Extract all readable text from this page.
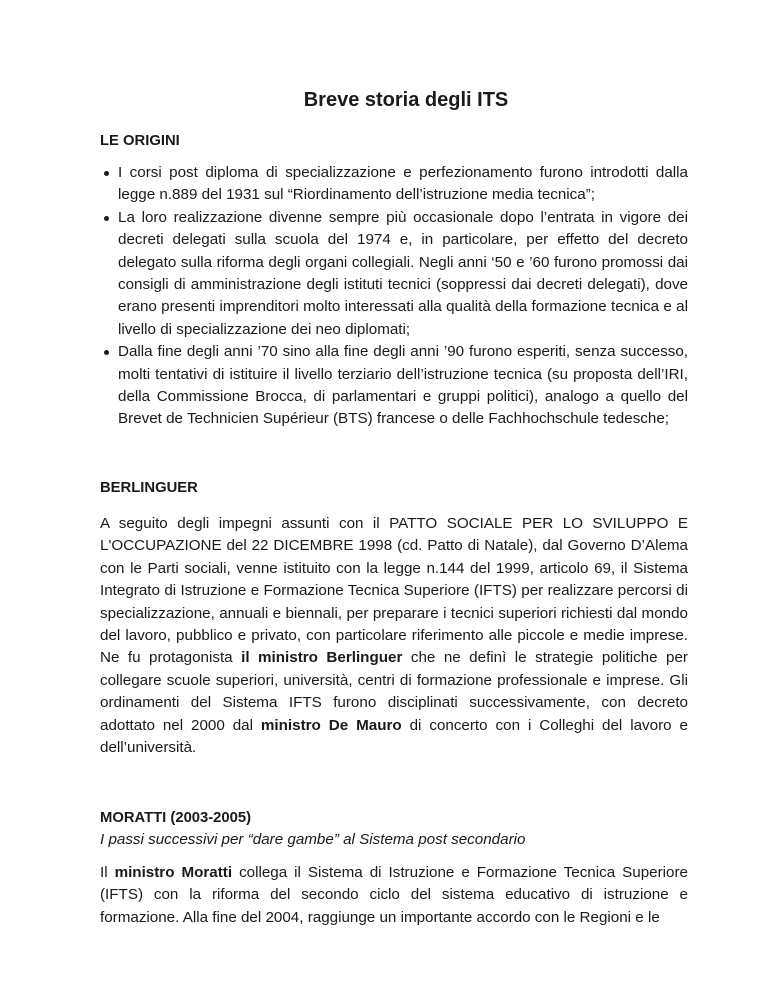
Breve storia degli ITS
LE ORIGINI
I corsi post diploma di specializzazione e perfezionamento furono introdotti dalla legge n.889 del 1931 sul “Riordinamento dell’istruzione media tecnica”;
La loro realizzazione divenne sempre più occasionale dopo l’entrata in vigore dei decreti delegati sulla scuola del 1974 e, in particolare, per effetto del decreto delegato sulla riforma degli organi collegiali. Negli anni ‘50 e ’60 furono promossi dai consigli di amministrazione degli istituti tecnici (soppressi dai decreti delegati), dove erano presenti imprenditori molto interessati alla qualità della formazione tecnica e al livello di specializzazione dei neo diplomati;
Dalla fine degli anni ’70 sino alla fine degli anni ’90 furono esperiti, senza successo, molti tentativi di istituire il livello terziario dell’istruzione tecnica (su proposta dell’IRI, della Commissione Brocca, di parlamentari e gruppi politici), analogo a quello del Brevet de Technicien Supérieur (BTS) francese o delle Fachhochschule tedesche;
BERLINGUER

A seguito degli impegni assunti con il PATTO SOCIALE PER LO SVILUPPO E L'OCCUPAZIONE del 22 DICEMBRE 1998 (cd. Patto di Natale), dal Governo D’Alema con le Parti sociali, venne istituito con la legge n.144 del 1999, articolo 69, il Sistema Integrato di Istruzione e Formazione Tecnica Superiore (IFTS) per realizzare percorsi di specializzazione, annuali e biennali, per preparare i tecnici superiori richiesti dal mondo del lavoro, pubblico e privato, con particolare riferimento alle piccole e medie imprese. Ne fu protagonista il ministro Berlinguer che ne definì le strategie politiche per collegare scuole superiori, università, centri di formazione professionale e imprese. Gli ordinamenti del Sistema IFTS furono disciplinati successivamente, con decreto adottato nel 2000 dal ministro De Mauro di concerto con i Colleghi del lavoro e dell’università.

MORATTI (2003-2005)
I passi successivi per “dare gambe” al Sistema post secondario

Il ministro Moratti collega il Sistema di Istruzione e Formazione Tecnica Superiore (IFTS) con la riforma del secondo ciclo del sistema educativo di istruzione e formazione. Alla fine del 2004, raggiunge un importante accordo con le Regioni e le
